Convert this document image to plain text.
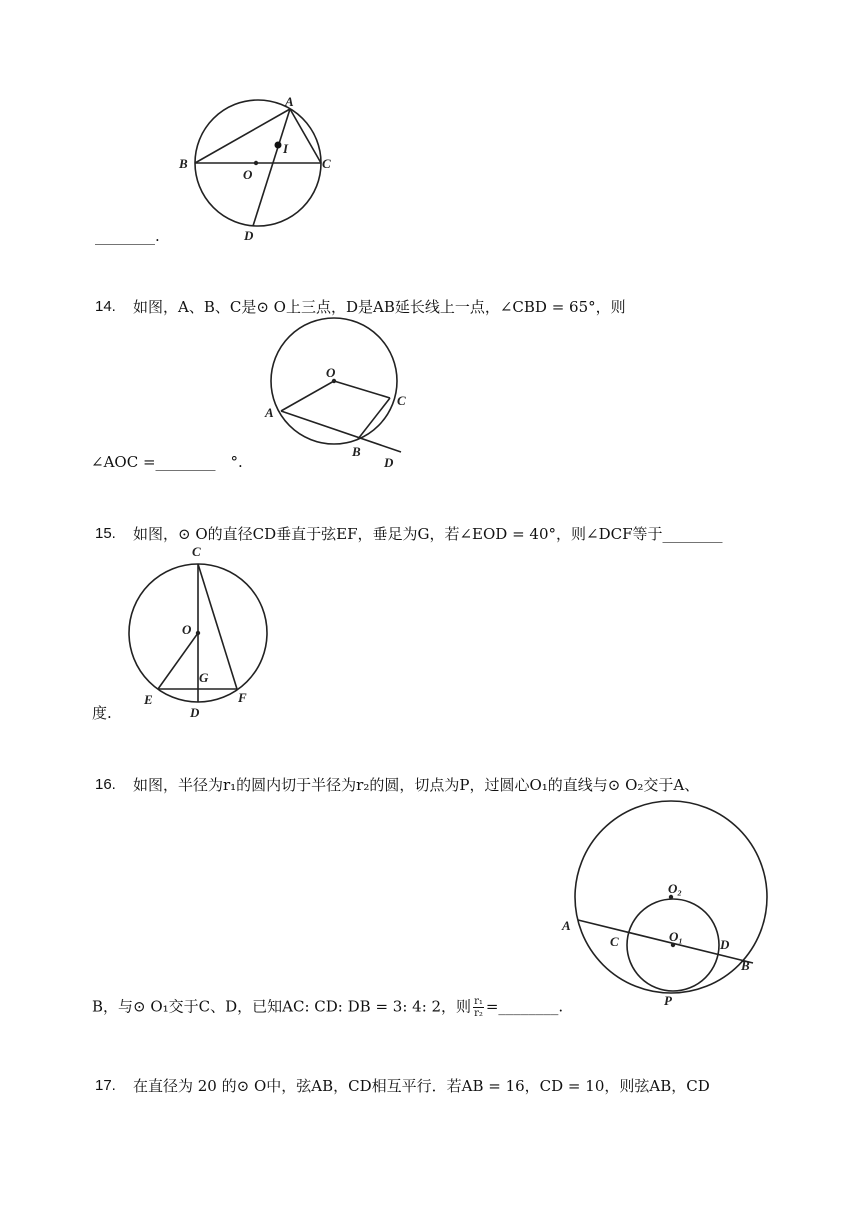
A
B	C
O
I
D
________.
14. 如图，A、B、C是⊙ O上三点，D是AB延长线上一点，∠CBD = 65°，则
O
A
B
C
D
∠AOC =________　°.
15. 如图，⊙ O的直径CD垂直于弦EF，垂足为G，若∠EOD = 40°，则∠DCF等于________
C
O
G
E
D
F
度.
16. 如图，半径为r₁的圆内切于半径为r₂的圆，切点为P，过圆心O₁的直线与⊙ O₂交于A、
O₂
O₁
A
C	D
B
P
B，与⊙ O₁交于C、D，已知AC: CD: DB = 3: 4: 2，则 $\frac{\text{r₁}}{\text{r₂}}$ =________.
17. 在直径为 20 的⊙ O中，弦AB，CD相互平行．若AB = 16，CD = 10，则弦AB，CD
